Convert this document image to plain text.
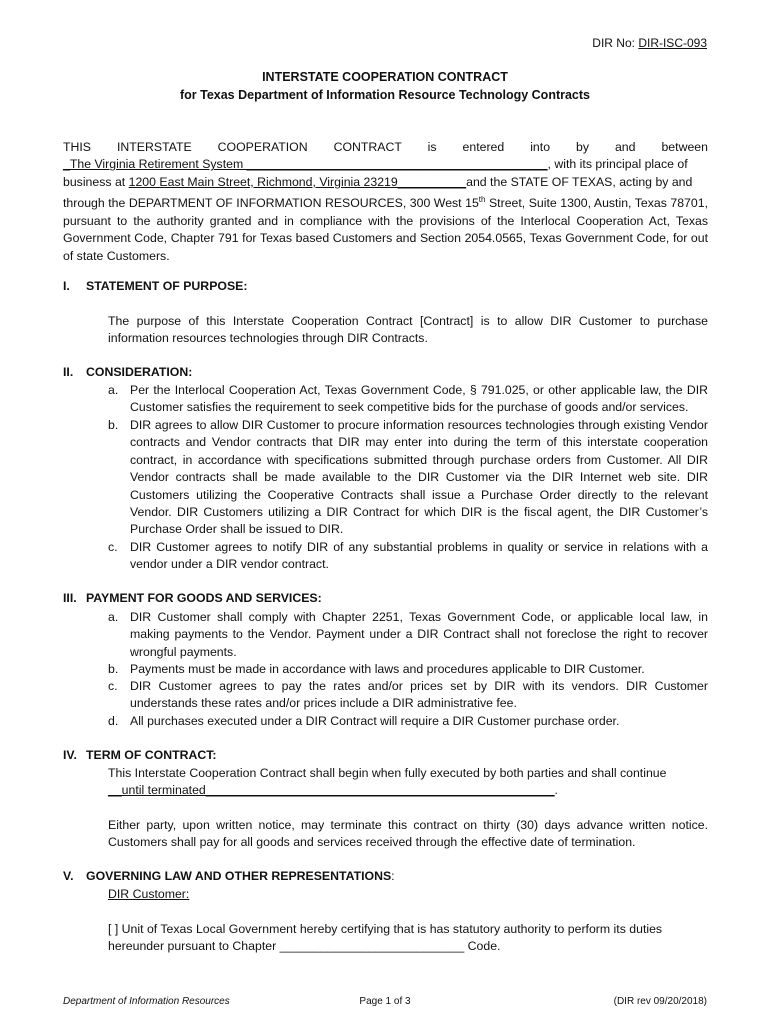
DIR No: DIR-ISC-093
INTERSTATE COOPERATION CONTRACT
for Texas Department of Information Resource Technology Contracts
THIS INTERSTATE COOPERATION CONTRACT is entered into by and between
_The Virginia Retirement System ____________________________________________, with its principal place of
business at 1200 East Main Street, Richmond, Virginia 23219__________and the STATE OF TEXAS, acting by and
through the DEPARTMENT OF INFORMATION RESOURCES, 300 West 15th Street, Suite 1300, Austin, Texas 78701, pursuant to the authority granted and in compliance with the provisions of the Interlocal Cooperation Act, Texas Government Code, Chapter 791 for Texas based Customers and Section 2054.0565, Texas Government Code, for out of state Customers.
I. STATEMENT OF PURPOSE:
The purpose of this Interstate Cooperation Contract [Contract] is to allow DIR Customer to purchase information resources technologies through DIR Contracts.
II. CONSIDERATION:
a. Per the Interlocal Cooperation Act, Texas Government Code, § 791.025, or other applicable law, the DIR Customer satisfies the requirement to seek competitive bids for the purchase of goods and/or services.
b. DIR agrees to allow DIR Customer to procure information resources technologies through existing Vendor contracts and Vendor contracts that DIR may enter into during the term of this interstate cooperation contract, in accordance with specifications submitted through purchase orders from Customer. All DIR Vendor contracts shall be made available to the DIR Customer via the DIR Internet web site. DIR Customers utilizing the Cooperative Contracts shall issue a Purchase Order directly to the relevant Vendor. DIR Customers utilizing a DIR Contract for which DIR is the fiscal agent, the DIR Customer’s Purchase Order shall be issued to DIR.
c.	DIR Customer agrees to notify DIR of any substantial problems in quality or service in relations with a vendor under a DIR vendor contract.
III. PAYMENT FOR GOODS AND SERVICES:
a. DIR Customer shall comply with Chapter 2251, Texas Government Code, or applicable local law, in making payments to the Vendor. Payment under a DIR Contract shall not foreclose the right to recover wrongful payments.
b. Payments must be made in accordance with laws and procedures applicable to DIR Customer.
c.	DIR Customer agrees to pay the rates and/or prices set by DIR with its vendors. DIR Customer understands these rates and/or prices include a DIR administrative fee.
d. All purchases executed under a DIR Contract will require a DIR Customer purchase order.
IV. TERM OF CONTRACT:
This Interstate Cooperation Contract shall begin when fully executed by both parties and shall continue
__until terminated___________________________________________________.
Either party, upon written notice, may terminate this contract on thirty (30) days advance written notice. Customers shall pay for all goods and services received through the effective date of termination.
V. GOVERNING LAW AND OTHER REPRESENTATIONS:
DIR Customer:
[ ] Unit of Texas Local Government hereby certifying that is has statutory authority to perform its duties hereunder pursuant to Chapter ___________________________ Code.
Department of Information Resources	Page 1 of 3	(DIR rev 09/20/2018)
